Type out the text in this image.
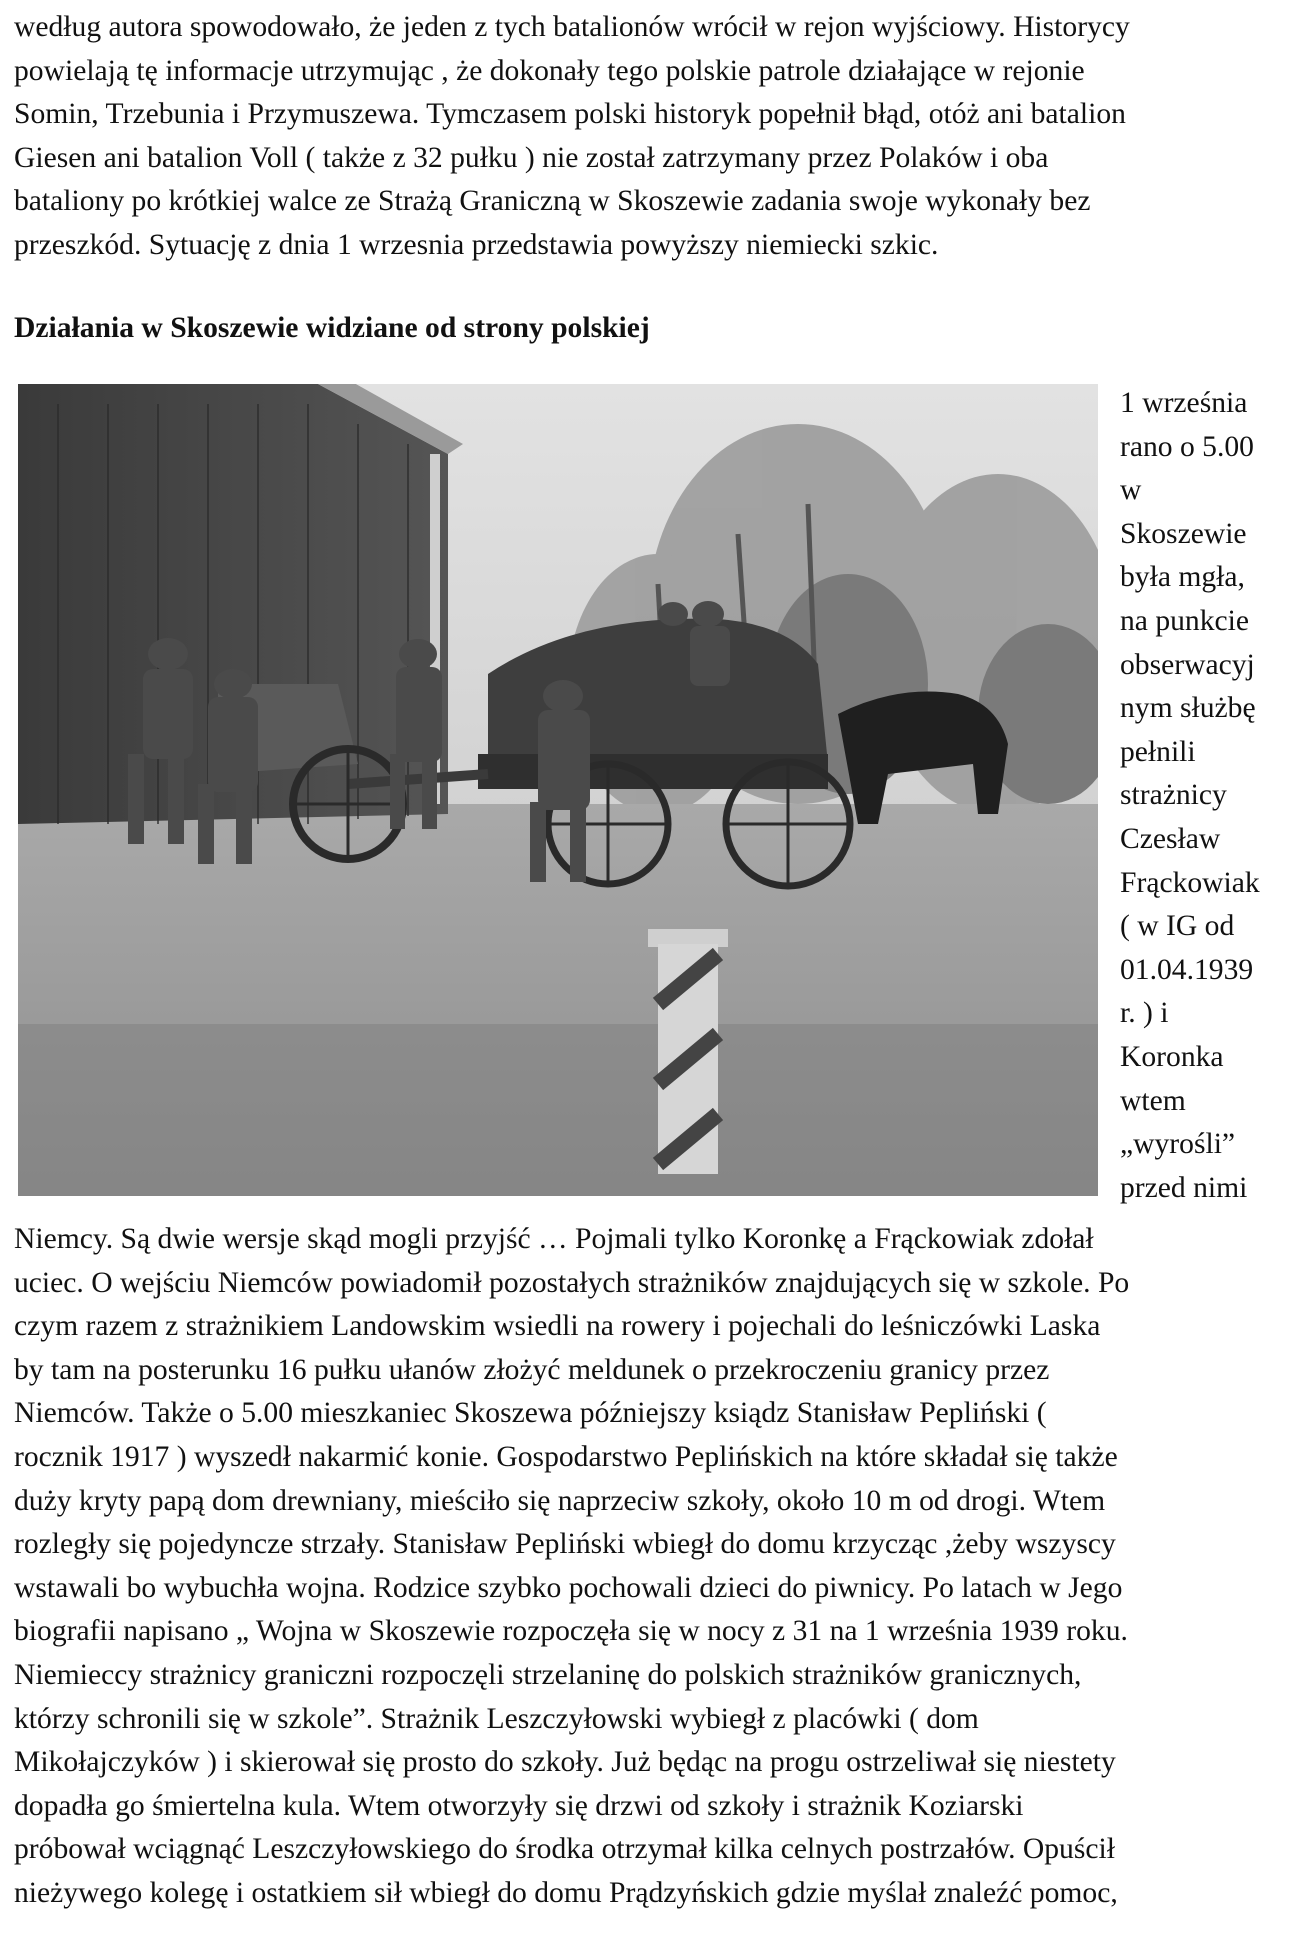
według autora spowodowało, że jeden z tych batalionów wrócił w rejon wyjściowy. Historycy
powielają tę informacje utrzymując , że dokonały tego polskie patrole działające w rejonie
Somin, Trzebunia i Przymuszewa. Tymczasem polski historyk popełnił błąd, otóż ani batalion
Giesen ani batalion Voll ( także z 32 pułku ) nie został zatrzymany przez Polaków i oba
bataliony po krótkiej walce ze Strażą Graniczną w Skoszewie zadania swoje wykonały bez
przeszkód. Sytuację z dnia 1 wrzesnia przedstawia powyższy niemiecki szkic.

Działania w Skoszewie widziane od strony polskiej
1 września
rano o 5.00
w
Skoszewie
była mgła,
na punkcie
obserwacyj
nym służbę
pełnili
strażnicy
Czesław
Frąckowiak
( w IG od
01.04.1939
r. ) i
Koronka
wtem
„wyrośli”
przed nimi

Niemcy. Są dwie wersje skąd mogli przyjść … Pojmali tylko Koronkę a Frąckowiak zdołał
uciec. O wejściu Niemców powiadomił pozostałych strażników znajdujących się w szkole. Po
czym razem z strażnikiem Landowskim wsiedli na rowery i pojechali do leśniczówki Laska
by tam na posterunku 16 pułku ułanów złożyć meldunek o przekroczeniu granicy przez
Niemców. Także o 5.00 mieszkaniec Skoszewa późniejszy ksiądz Stanisław Pepliński (
rocznik 1917 ) wyszedł nakarmić konie. Gospodarstwo Peplińskich na które składał się także
duży kryty papą dom drewniany, mieściło się naprzeciw szkoły, około 10 m od drogi. Wtem
rozległy się pojedyncze strzały. Stanisław Pepliński wbiegł do domu krzycząc ,żeby wszyscy
wstawali bo wybuchła wojna. Rodzice szybko pochowali dzieci do piwnicy. Po latach w Jego
biografii napisano „ Wojna w Skoszewie rozpoczęła się w nocy z 31 na 1 września 1939 roku.
Niemieccy strażnicy graniczni rozpoczęli strzelaninę do polskich strażników granicznych,
którzy schronili się w szkole”. Strażnik Leszczyłowski wybiegł z placówki ( dom
Mikołajczyków ) i skierował się prosto do szkoły. Już będąc na progu ostrzeliwał się niestety
dopadła go śmiertelna kula. Wtem otworzyły się drzwi od szkoły i strażnik Koziarski
próbował wciągnąć Leszczyłowskiego do środka otrzymał kilka celnych postrzałów. Opuścił
nieżywego kolegę i ostatkiem sił wbiegł do domu Prądzyńskich gdzie myślał znaleźć pomoc,
